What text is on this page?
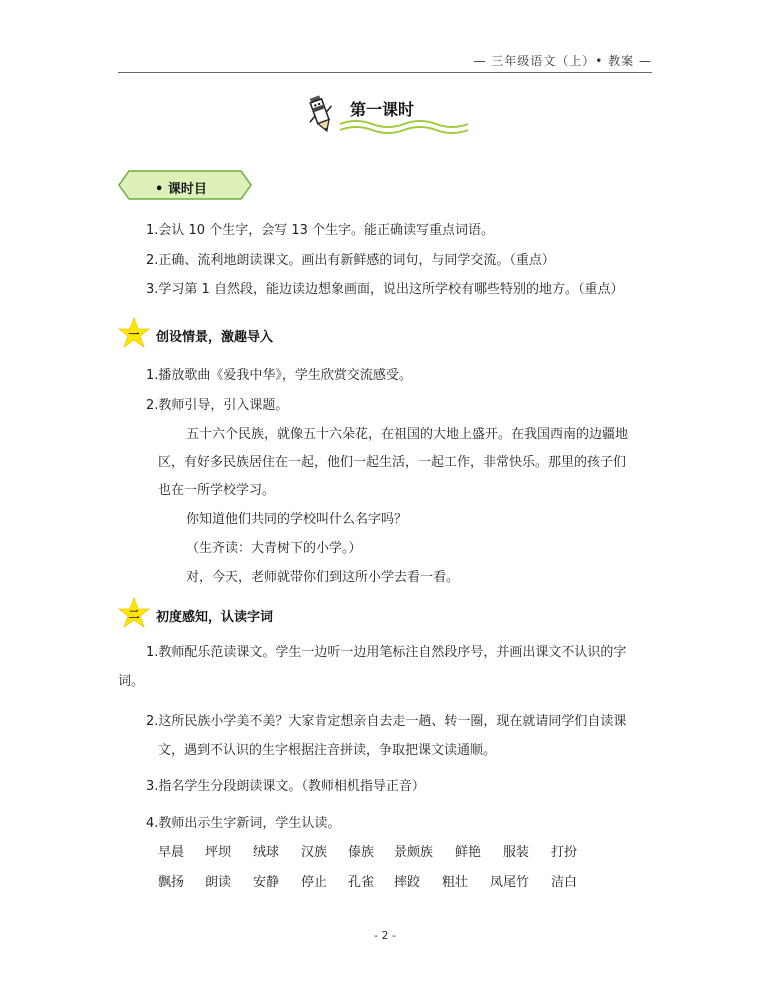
— 三年级语文（上）• 教案 —
第一课时
• 课时目
1.会认 10 个生字，会写 13 个生字。能正确读写重点词语。
2.正确、流利地朗读课文。画出有新鲜感的词句，与同学交流。（重点）
3.学习第 1 自然段，能边读边想象画面，说出这所学校有哪些特别的地方。（重点）
一	创设情景，激趣导入
1.播放歌曲《爱我中华》，学生欣赏交流感受。
2.教师引导，引入课题。
五十六个民族，就像五十六朵花，在祖国的大地上盛开。在我国西南的边疆地
区，有好多民族居住在一起，他们一起生活，一起工作，非常快乐。那里的孩子们
也在一所学校学习。
你知道他们共同的学校叫什么名字吗？
（生齐读：大青树下的小学。）
对，今天，老师就带你们到这所小学去看一看。
二	初度感知，认读字词
1.教师配乐范读课文。学生一边听一边用笔标注自然段序号，并画出课文不认识的字
词。
2.这所民族小学美不美？大家肯定想亲自去走一趟、转一圈，现在就请同学们自读课
文，遇到不认识的生字根据注音拼读，争取把课文读通顺。
3.指名学生分段朗读课文。（教师相机指导正音）
4.教师出示生字新词，学生认读。
早晨 坪坝 绒球 汉族 傣族 景颇族 鲜艳 服装 打扮
飘扬 朗读 安静 停止 孔雀 摔跤 粗壮 凤尾竹 洁白
- 2 -
